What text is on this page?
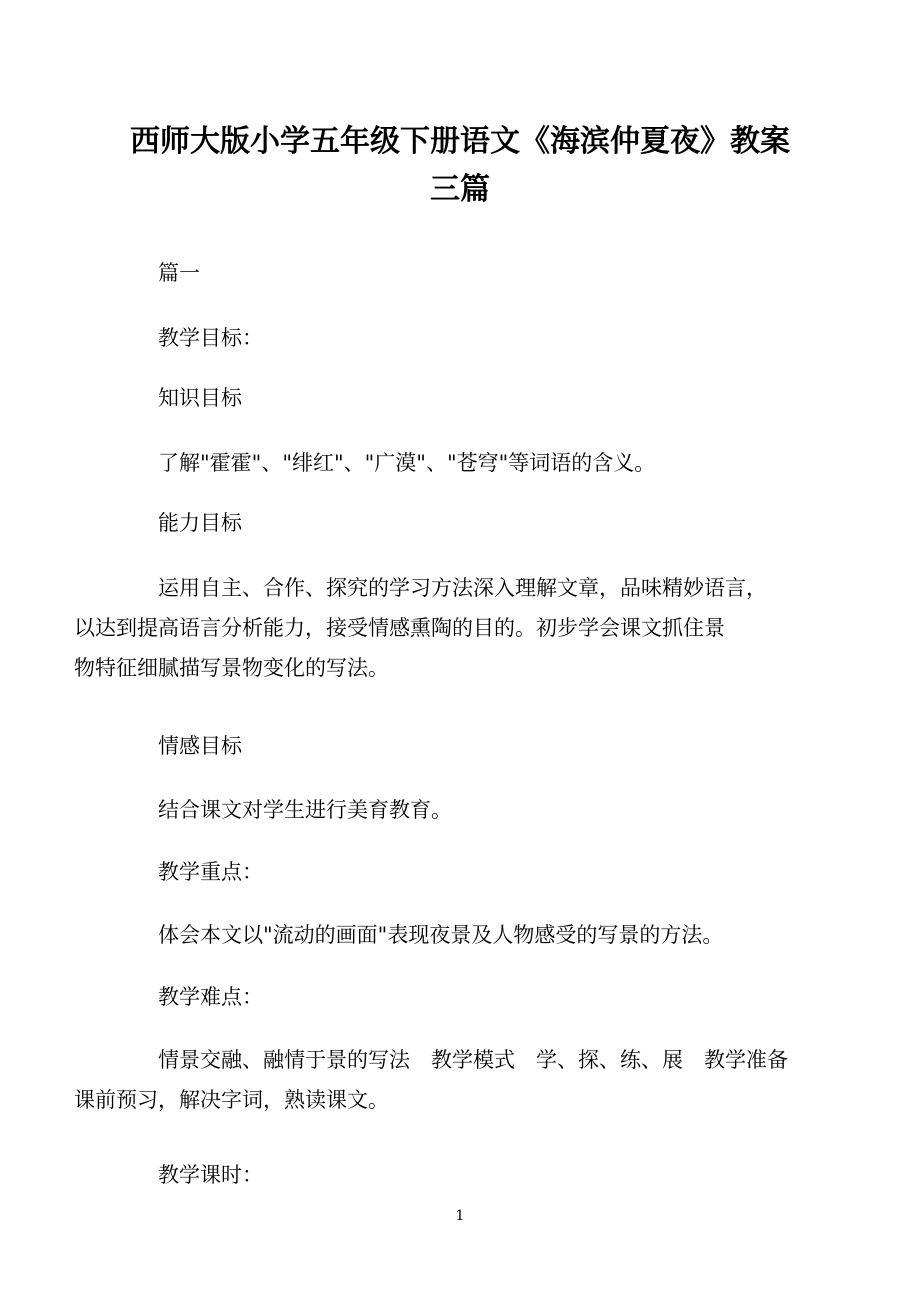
西师大版小学五年级下册语文《海滨仲夏夜》教案
三篇

篇一

教学目标：

知识目标

了解"霍霍"、"绯红"、"广漠"、"苍穹"等词语的含义。

能力目标

运用自主、合作、探究的学习方法深入理解文章，品味精妙语言，
以达到提高语言分析能力，接受情感熏陶的目的。初步学会课文抓住景
物特征细腻描写景物变化的写法。

情感目标

结合课文对学生进行美育教育。

教学重点：

体会本文以"流动的画面"表现夜景及人物感受的写景的方法。

教学难点：

情景交融、融情于景的写法　教学模式　学、探、练、展　教学准备
课前预习，解决字词，熟读课文。

教学课时：

1
